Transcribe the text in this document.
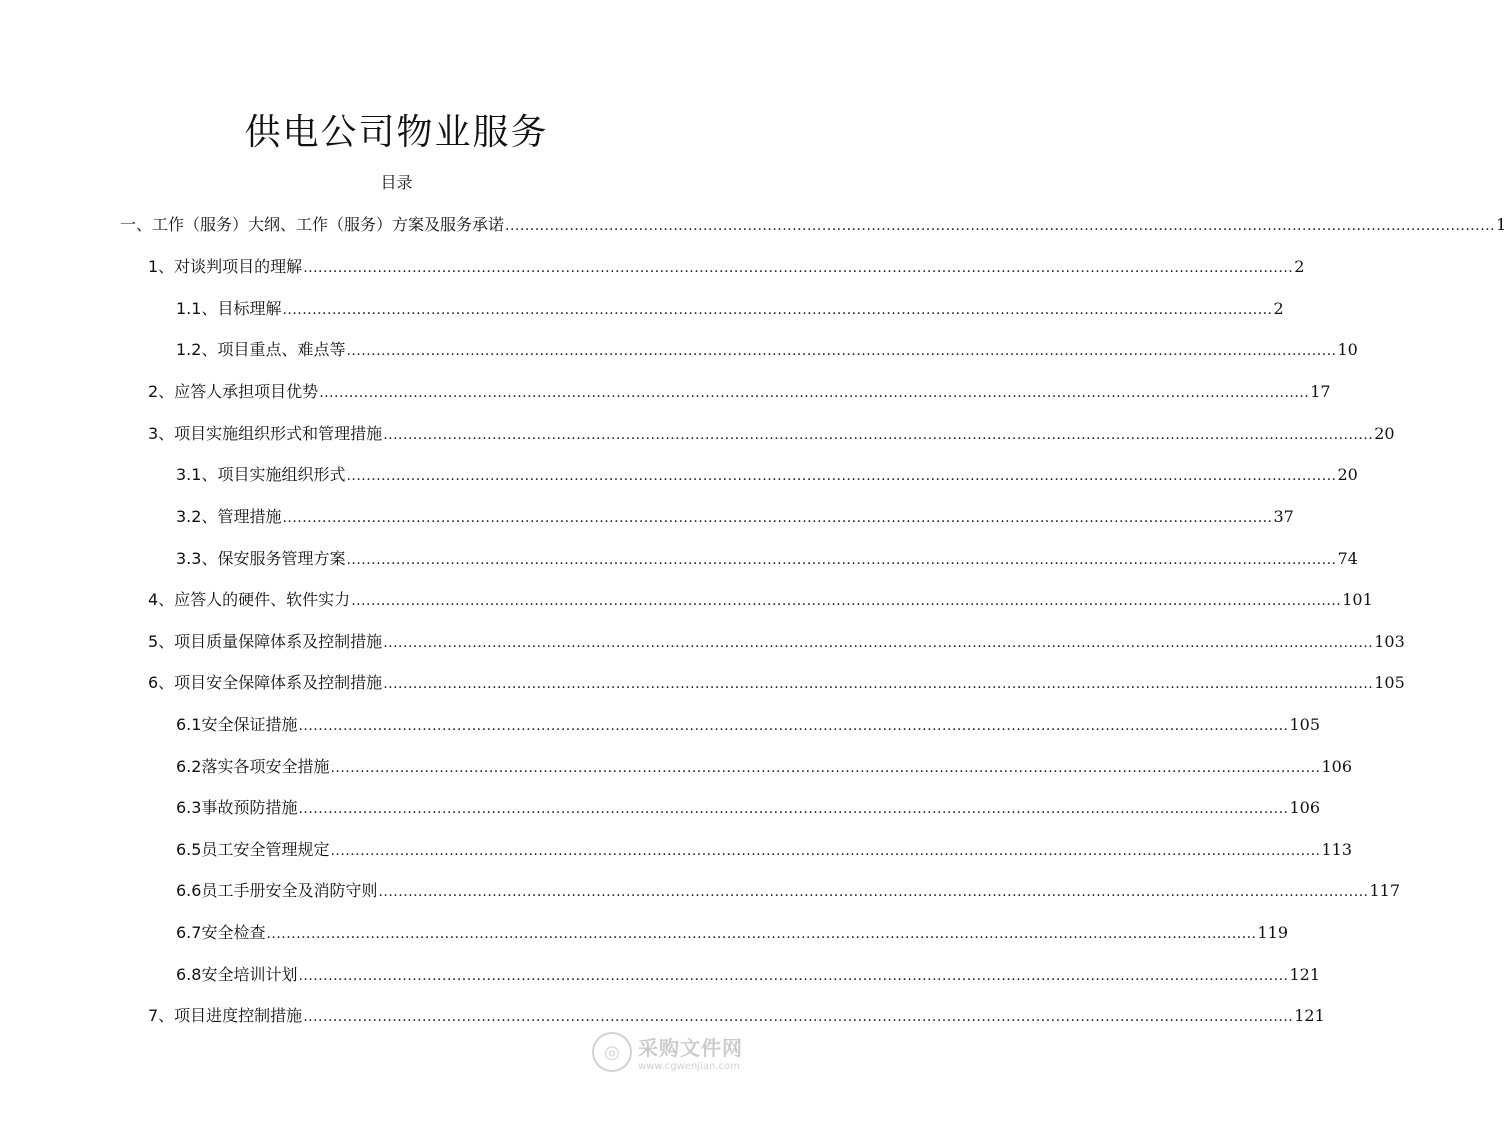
供电公司物业服务
目录
一、工作（服务）大纲、工作（服务）方案及服务承诺 ........................................................................................................................................................................................................ 1
1、对谈判项目的理解 ........................................................................................................................................................................................................ 2
1.1、目标理解 ........................................................................................................................................................................................................ 2
1.2、项目重点、难点等 ........................................................................................................................................................................................................ 10
2、应答人承担项目优势 ........................................................................................................................................................................................................ 17
3、项目实施组织形式和管理措施 ........................................................................................................................................................................................................ 20
3.1、项目实施组织形式 ........................................................................................................................................................................................................ 20
3.2、管理措施 ........................................................................................................................................................................................................ 37
3.3、保安服务管理方案 ........................................................................................................................................................................................................ 74
4、应答人的硬件、软件实力 ........................................................................................................................................................................................................ 101
5、项目质量保障体系及控制措施 ........................................................................................................................................................................................................ 103
6、项目安全保障体系及控制措施 ........................................................................................................................................................................................................ 105
6.1安全保证措施 ........................................................................................................................................................................................................ 105
6.2落实各项安全措施 ........................................................................................................................................................................................................ 106
6.3事故预防措施 ........................................................................................................................................................................................................ 106
6.5员工安全管理规定 ........................................................................................................................................................................................................ 113
6.6员工手册安全及消防守则 ........................................................................................................................................................................................................ 117
6.7安全检查 ........................................................................................................................................................................................................ 119
6.8安全培训计划 ........................................................................................................................................................................................................ 121
7、项目进度控制措施 ........................................................................................................................................................................................................ 121
◎ 采购文件网
www.cgwenjian.com
